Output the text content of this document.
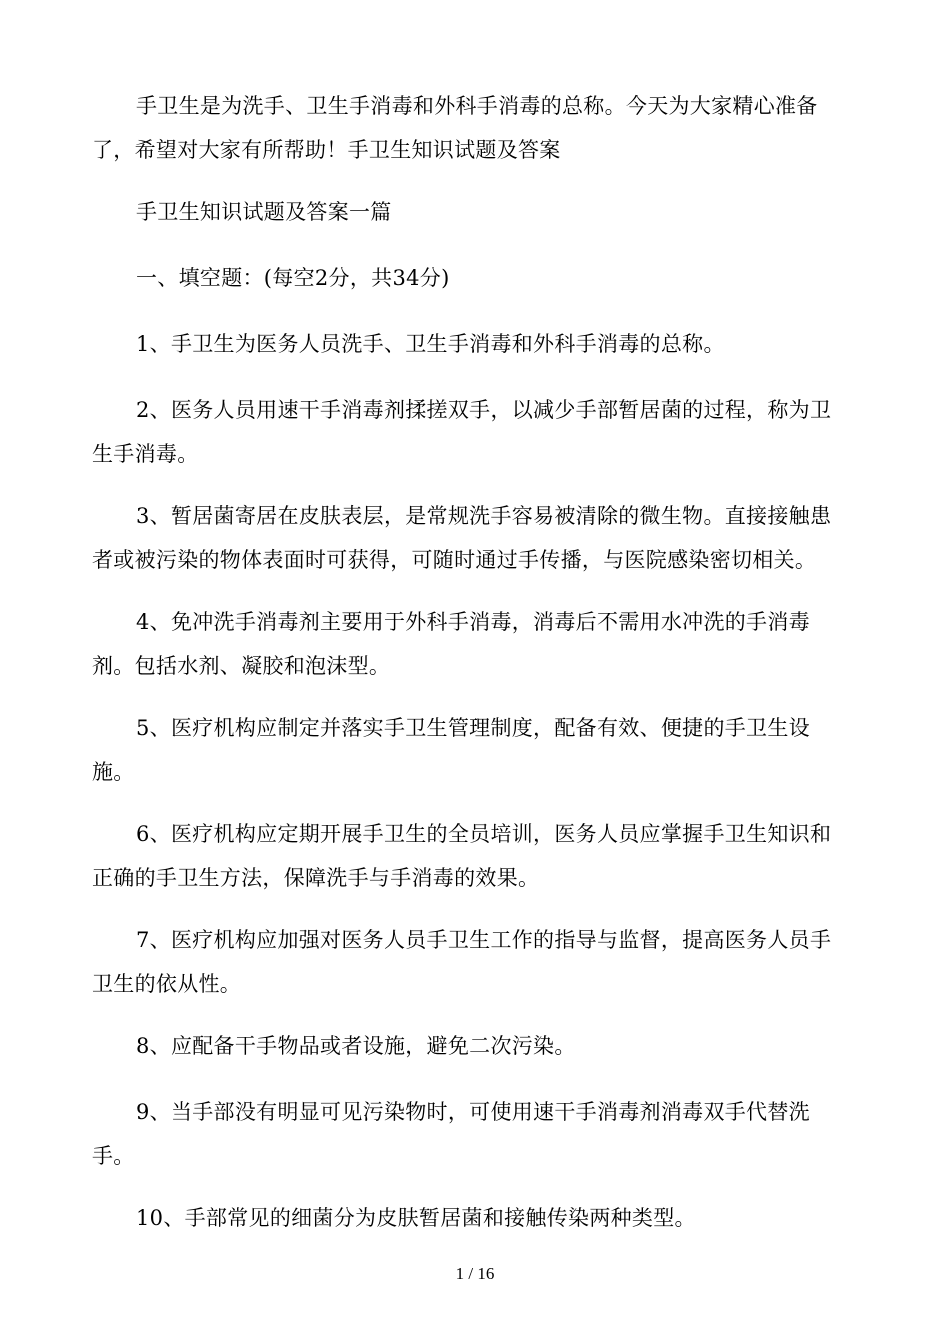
手卫生是为洗手、卫生手消毒和外科手消毒的总称。今天为大家精心准备了，希望对大家有所帮助！手卫生知识试题及答案

手卫生知识试题及答案一篇

一、填空题：(每空2分，共34分)

1、手卫生为医务人员洗手、卫生手消毒和外科手消毒的总称。

2、医务人员用速干手消毒剂揉搓双手，以减少手部暂居菌的过程，称为卫生手消毒。

3、暂居菌寄居在皮肤表层，是常规洗手容易被清除的微生物。直接接触患者或被污染的物体表面时可获得，可随时通过手传播，与医院感染密切相关。

4、免冲洗手消毒剂主要用于外科手消毒，消毒后不需用水冲洗的手消毒剂。包括水剂、凝胶和泡沫型。

5、医疗机构应制定并落实手卫生管理制度，配备有效、便捷的手卫生设施。

6、医疗机构应定期开展手卫生的全员培训，医务人员应掌握手卫生知识和正确的手卫生方法，保障洗手与手消毒的效果。

7、医疗机构应加强对医务人员手卫生工作的指导与监督，提高医务人员手卫生的依从性。

8、应配备干手物品或者设施，避免二次污染。

9、当手部没有明显可见污染物时，可使用速干手消毒剂消毒双手代替洗手。

10、手部常见的细菌分为皮肤暂居菌和接触传染两种类型。

1 / 16
